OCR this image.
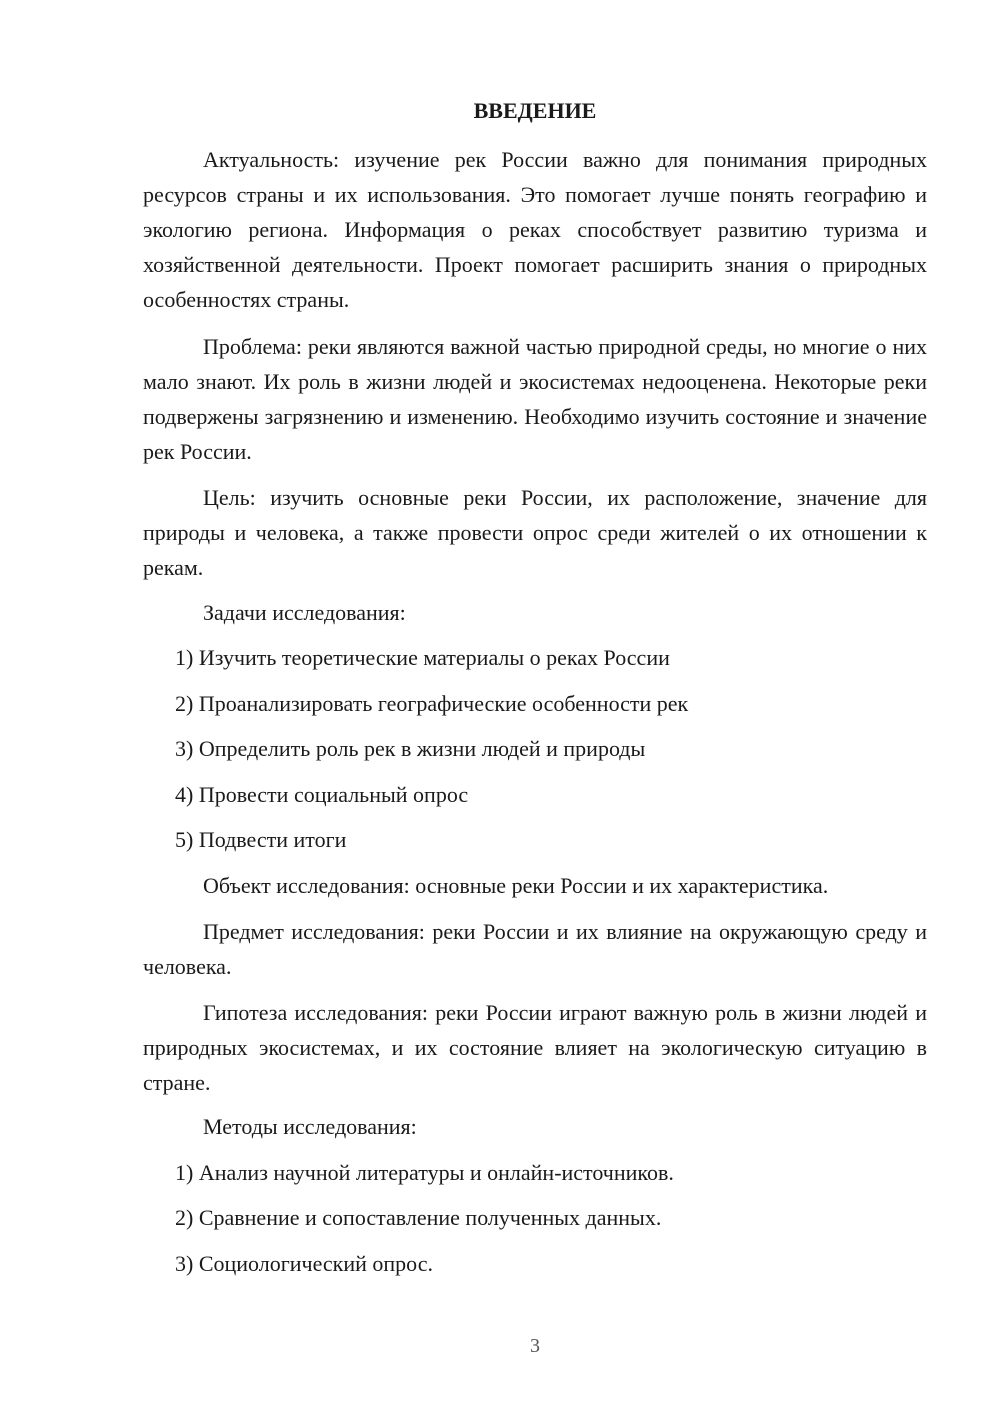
ВВЕДЕНИЕ

Актуальность: изучение рек России важно для понимания природных ресурсов страны и их использования. Это помогает лучше понять географию и экологию региона. Информация о реках способствует развитию туризма и хозяйственной деятельности. Проект помогает расширить знания о природных особенностях страны.

Проблема: реки являются важной частью природной среды, но многие о них мало знают. Их роль в жизни людей и экосистемах недооценена. Некоторые реки подвержены загрязнению и изменению. Необходимо изучить состояние и значение рек России.

Цель: изучить основные реки России, их расположение, значение для природы и человека, а также провести опрос среди жителей о их отношении к рекам.

Задачи исследования:

1) Изучить теоретические материалы о реках России

2) Проанализировать географические особенности рек

3) Определить роль рек в жизни людей и природы

4) Провести социальный опрос

5) Подвести итоги

Объект исследования: основные реки России и их характеристика.

Предмет исследования: реки России и их влияние на окружающую среду и человека.

Гипотеза исследования: реки России играют важную роль в жизни людей и природных экосистемах, и их состояние влияет на экологическую ситуацию в стране.

Методы исследования:

1) Анализ научной литературы и онлайн-источников.

2) Сравнение и сопоставление полученных данных.

3) Социологический опрос.

3
